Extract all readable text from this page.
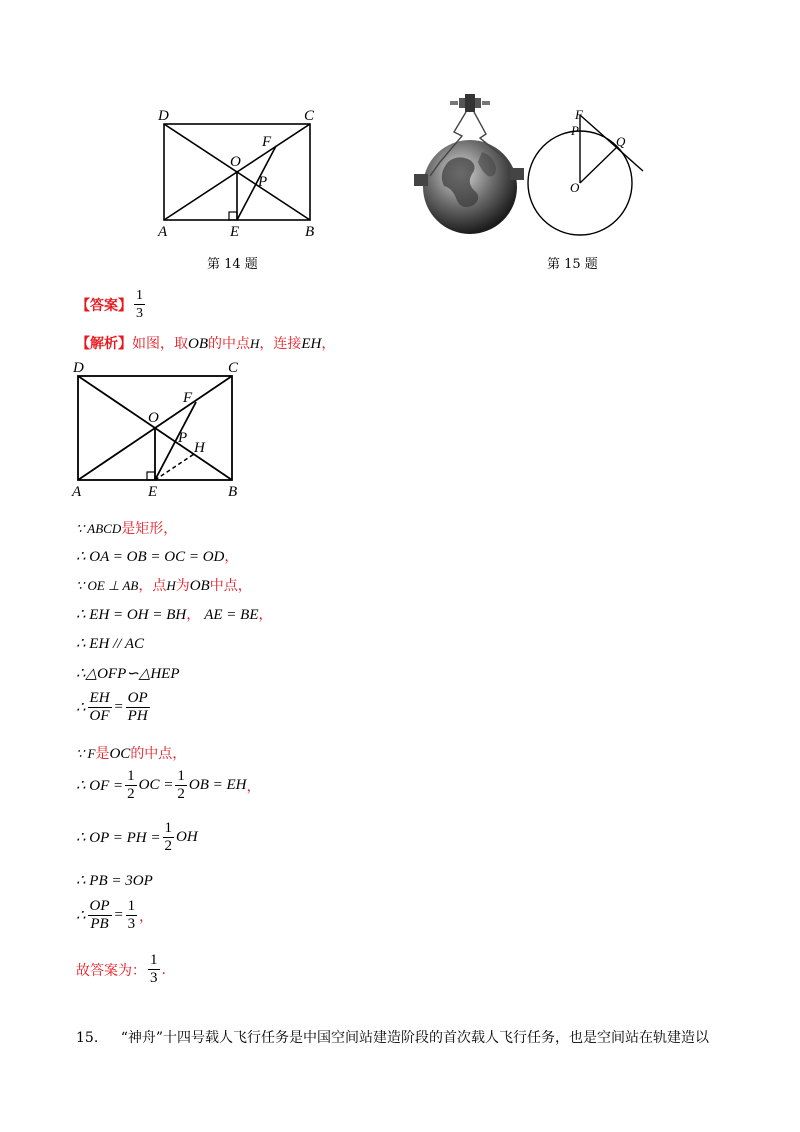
D	C
O
F
P
A	E	B
第 14 题
F
P
Q
O
第 15 题
【答案】 $\frac{1}{3}$
【解析】如图，取OB的中点H，连接EH，
D	C
O
F
P
H
A	E	B
∵ ABCD是矩形，
∴ OA = OB = OC = OD，
∵ OE ⊥ AB，点H为OB中点，
∴ EH = OH = BH， AE = BE，
∴ EH // AC
∴△OFP∽△HEP
∴ $\frac{EH}{OF} = \frac{OP}{PH}$
∵ F是OC的中点，
∴ OF = $\frac{1}{2}$ OC = $\frac{1}{2}$ OB = EH ，
∴ OP = PH = $\frac{1}{2}$ OH
∴ PB = 3OP
∴ $\frac{OP}{PB} = \frac{1}{3}$ ，
故答案为： $\frac{1}{3}$ .
15. “神舟”十四号载人飞行任务是中国空间站建造阶段的首次载人飞行任务，也是空间站在轨建造以
